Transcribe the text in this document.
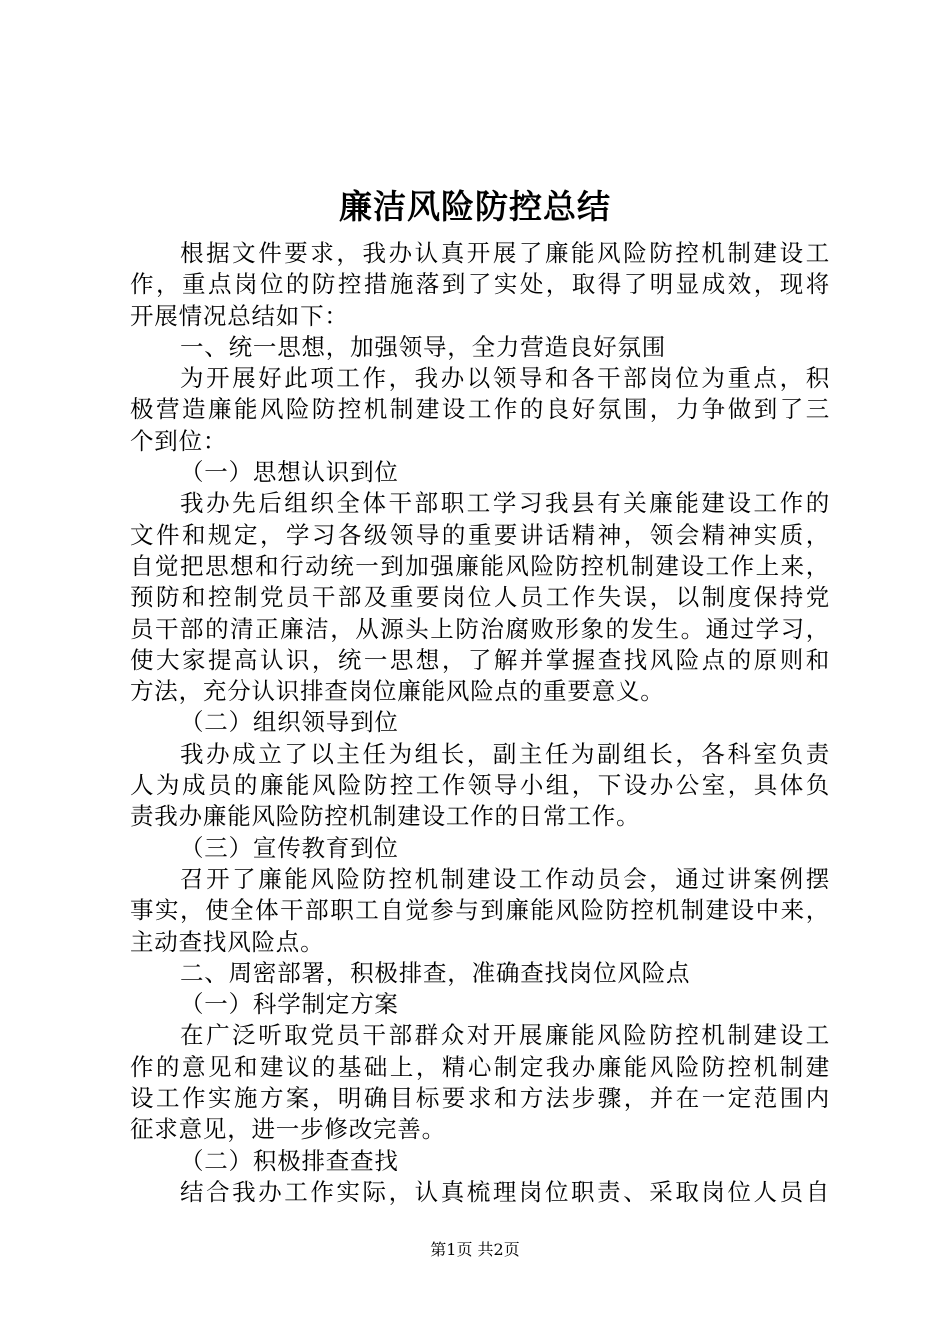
廉洁风险防控总结
根据文件要求，我办认真开展了廉能风险防控机制建设工
作，重点岗位的防控措施落到了实处，取得了明显成效，现将
开展情况总结如下：
一、统一思想，加强领导，全力营造良好氛围
为开展好此项工作，我办以领导和各干部岗位为重点，积
极营造廉能风险防控机制建设工作的良好氛围，力争做到了三
个到位：
（一）思想认识到位
我办先后组织全体干部职工学习我县有关廉能建设工作的
文件和规定，学习各级领导的重要讲话精神，领会精神实质，
自觉把思想和行动统一到加强廉能风险防控机制建设工作上来，
预防和控制党员干部及重要岗位人员工作失误，以制度保持党
员干部的清正廉洁，从源头上防治腐败形象的发生。通过学习，
使大家提高认识，统一思想，了解并掌握查找风险点的原则和
方法，充分认识排查岗位廉能风险点的重要意义。
（二）组织领导到位
我办成立了以主任为组长，副主任为副组长，各科室负责
人为成员的廉能风险防控工作领导小组，下设办公室，具体负
责我办廉能风险防控机制建设工作的日常工作。
（三）宣传教育到位
召开了廉能风险防控机制建设工作动员会，通过讲案例摆
事实，使全体干部职工自觉参与到廉能风险防控机制建设中来，
主动查找风险点。
二、周密部署，积极排查，准确查找岗位风险点
（一）科学制定方案
在广泛听取党员干部群众对开展廉能风险防控机制建设工
作的意见和建议的基础上，精心制定我办廉能风险防控机制建
设工作实施方案，明确目标要求和方法步骤，并在一定范围内
征求意见，进一步修改完善。
（二）积极排查查找
结合我办工作实际，认真梳理岗位职责、采取岗位人员自
第1页 共2页
